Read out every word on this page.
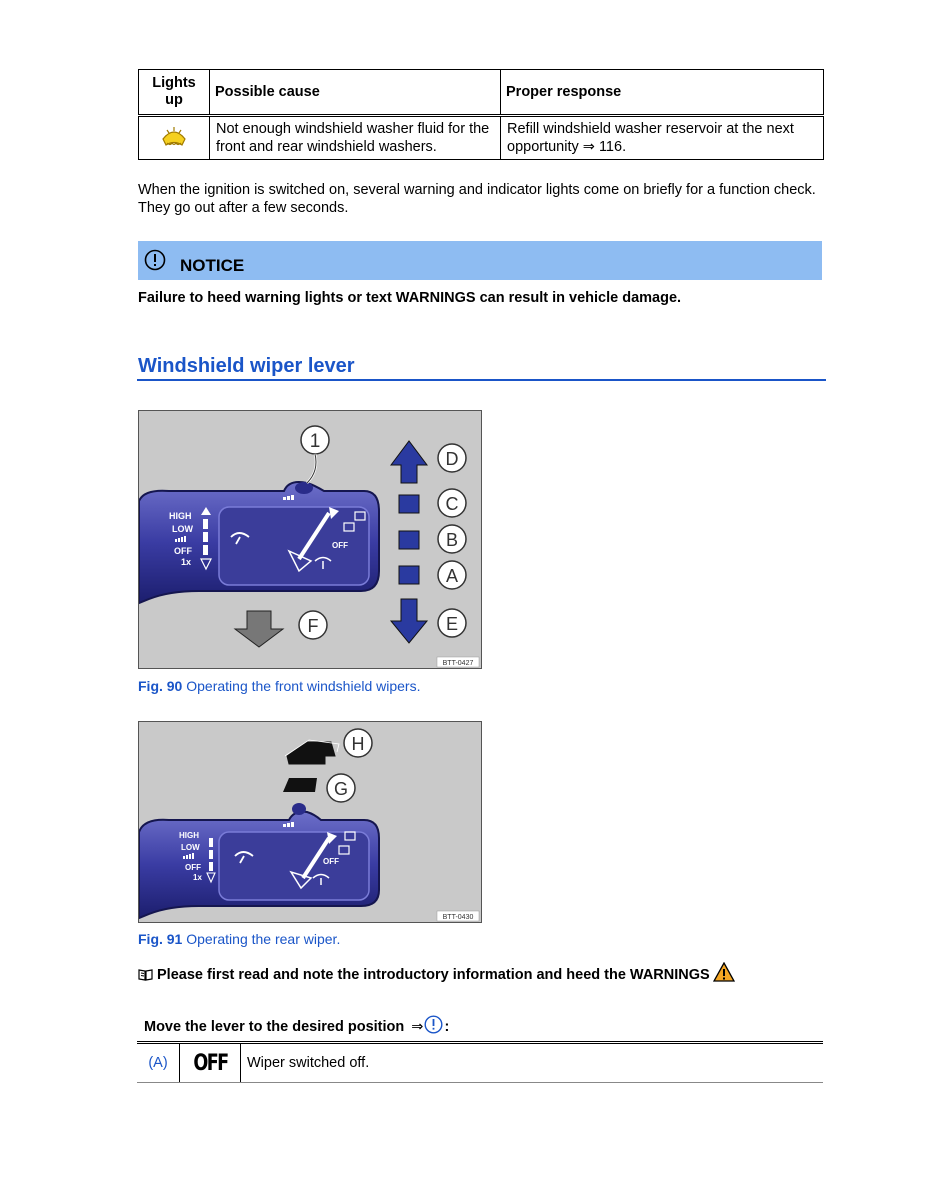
Lights up	Possible cause	Proper response
	Not enough windshield washer fluid for the front and rear windshield washers.	Refill windshield washer reservoir at the next opportunity ⇒ 116.
When the ignition is switched on, several warning and indicator lights come on briefly for a function check. They go out after a few seconds.
NOTICE
Failure to heed warning lights or text WARNINGS can result in vehicle damage.
Windshield wiper lever
HIGH
LOW
OFF
1x
OFF
1
D
C
B
A
E
F
BTT-0427
Fig. 90 Operating the front windshield wipers.
HIGH
LOW
OFF
1x
OFF
H
G
BTT-0430
Fig. 91 Operating the rear wiper.
Please first read and note the introductory information and heed the WARNINGS
Move the lever to the desired position ⇒ :
(A)	OFF	Wiper switched off.
